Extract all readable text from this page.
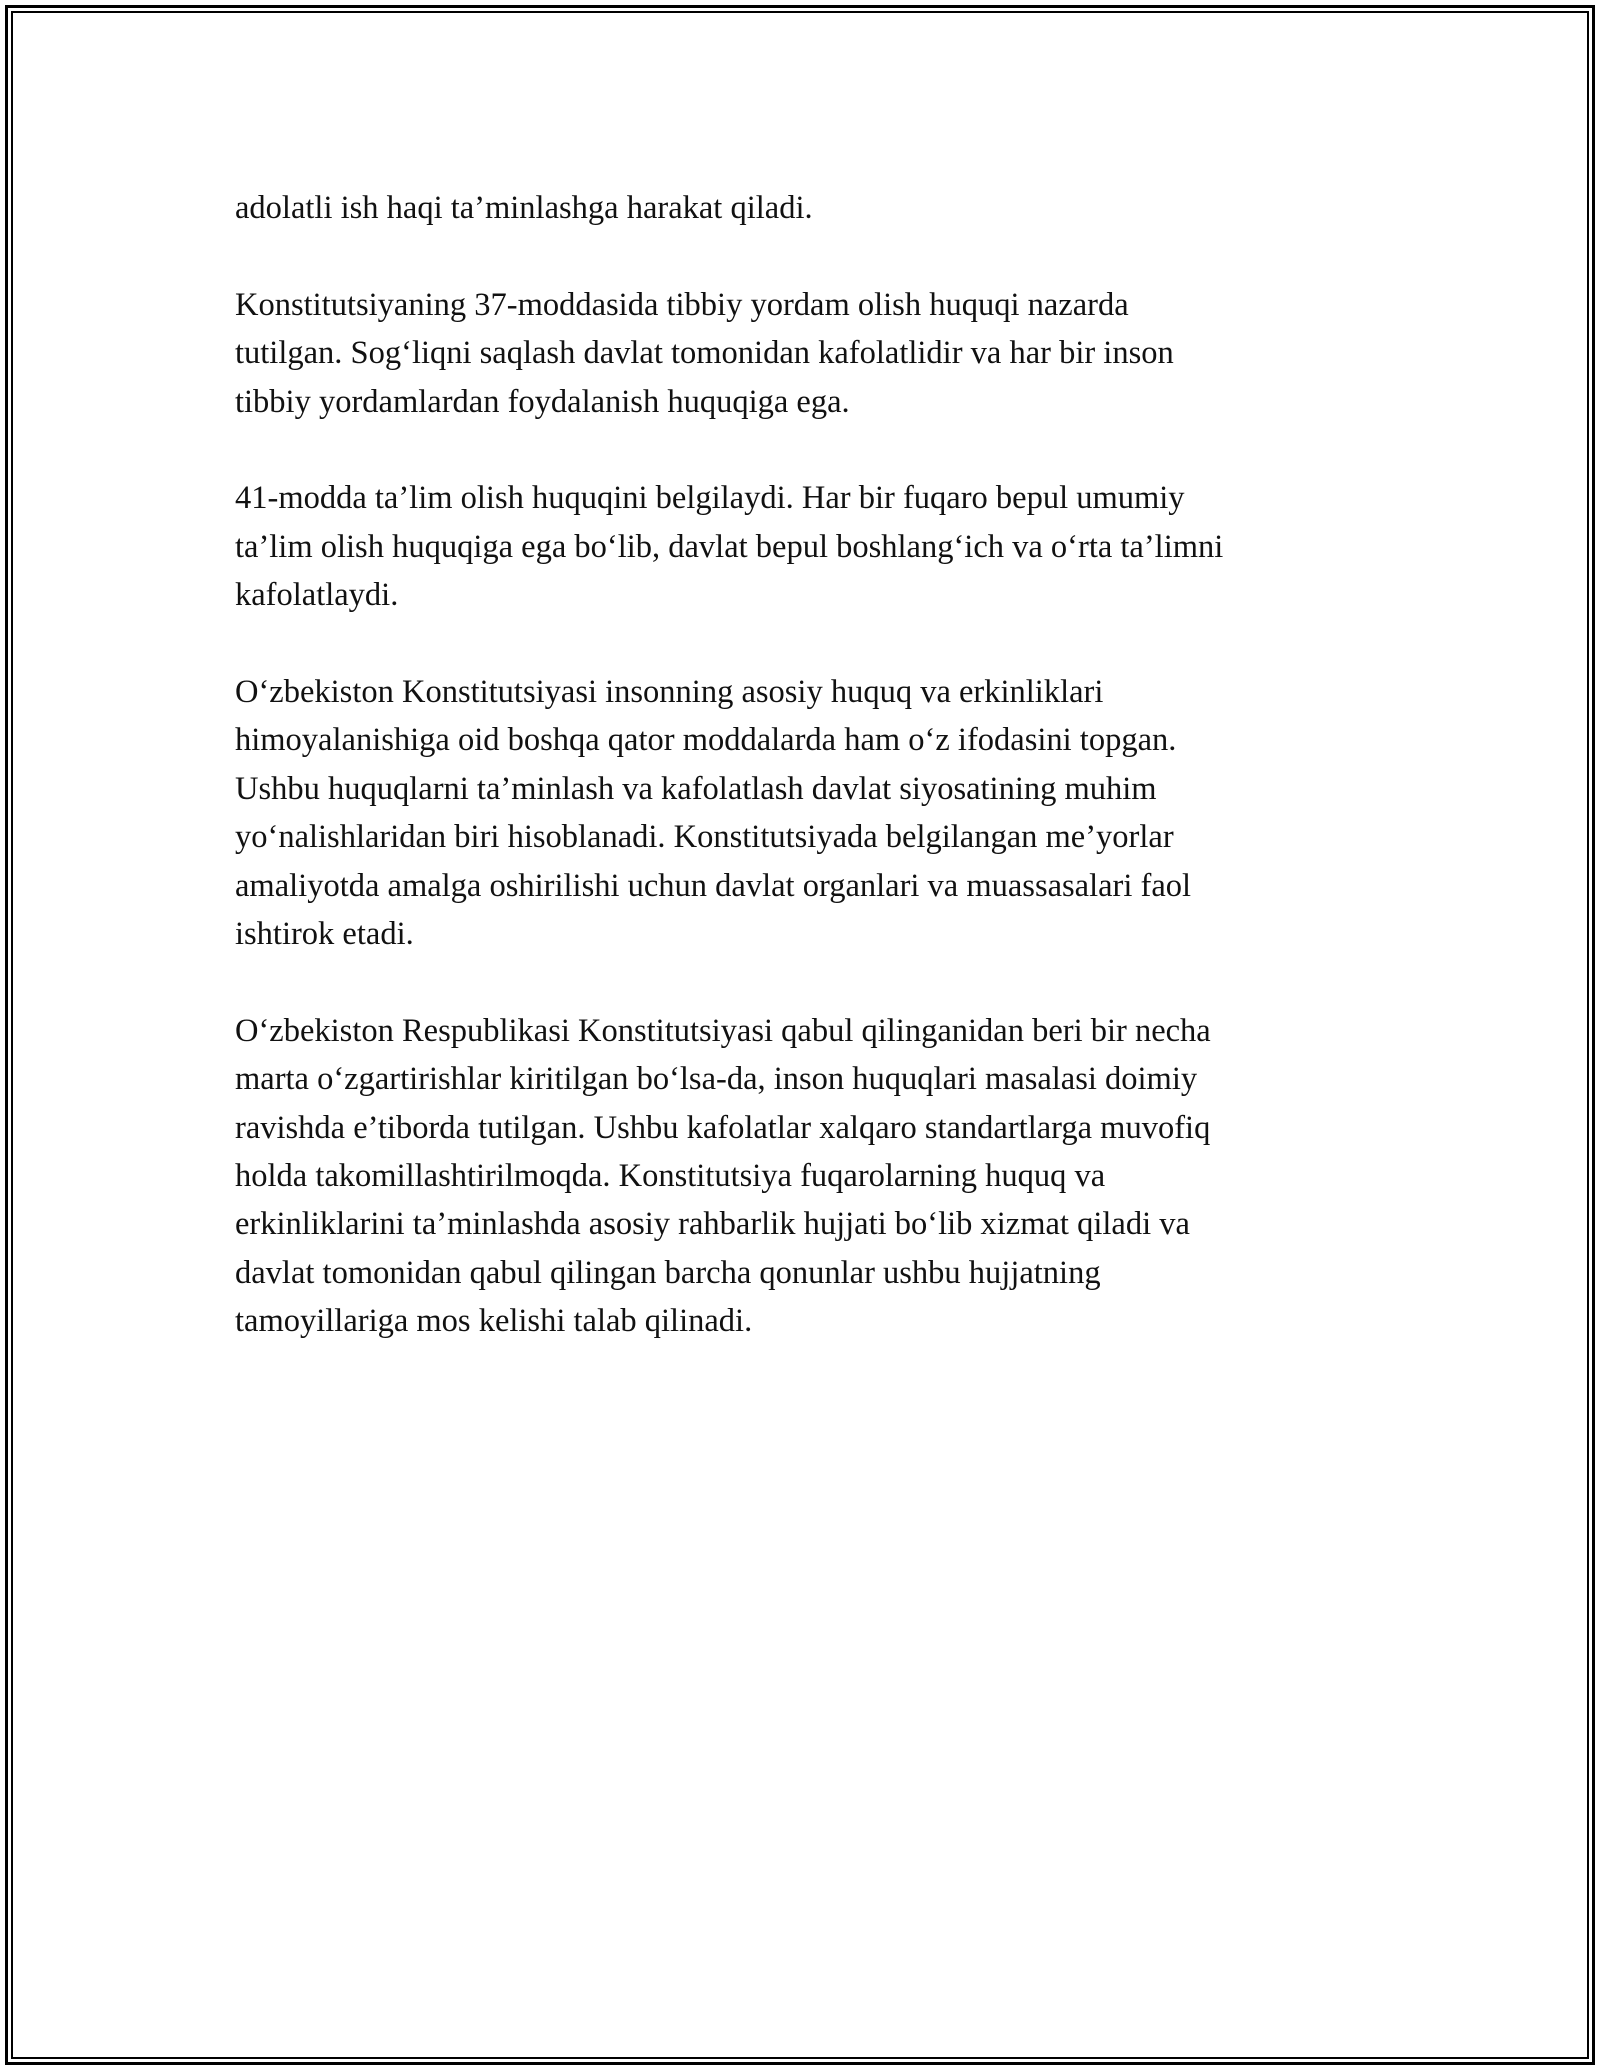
adolatli ish haqi ta’minlashga harakat qiladi.

Konstitutsiyaning 37-moddasida tibbiy yordam olish huquqi nazarda
tutilgan. Sog‘liqni saqlash davlat tomonidan kafolatlidir va har bir inson
tibbiy yordamlardan foydalanish huquqiga ega.

41-modda ta’lim olish huquqini belgilaydi. Har bir fuqaro bepul umumiy
ta’lim olish huquqiga ega bo‘lib, davlat bepul boshlang‘ich va o‘rta ta’limni
kafolatlaydi.

O‘zbekiston Konstitutsiyasi insonning asosiy huquq va erkinliklari
himoyalanishiga oid boshqa qator moddalarda ham o‘z ifodasini topgan.
Ushbu huquqlarni ta’minlash va kafolatlash davlat siyosatining muhim
yo‘nalishlaridan biri hisoblanadi. Konstitutsiyada belgilangan me’yorlar
amaliyotda amalga oshirilishi uchun davlat organlari va muassasalari faol
ishtirok etadi.

O‘zbekiston Respublikasi Konstitutsiyasi qabul qilinganidan beri bir necha
marta o‘zgartirishlar kiritilgan bo‘lsa-da, inson huquqlari masalasi doimiy
ravishda e’tiborda tutilgan. Ushbu kafolatlar xalqaro standartlarga muvofiq
holda takomillashtirilmoqda. Konstitutsiya fuqarolarning huquq va
erkinliklarini ta’minlashda asosiy rahbarlik hujjati bo‘lib xizmat qiladi va
davlat tomonidan qabul qilingan barcha qonunlar ushbu hujjatning
tamoyillariga mos kelishi talab qilinadi.
